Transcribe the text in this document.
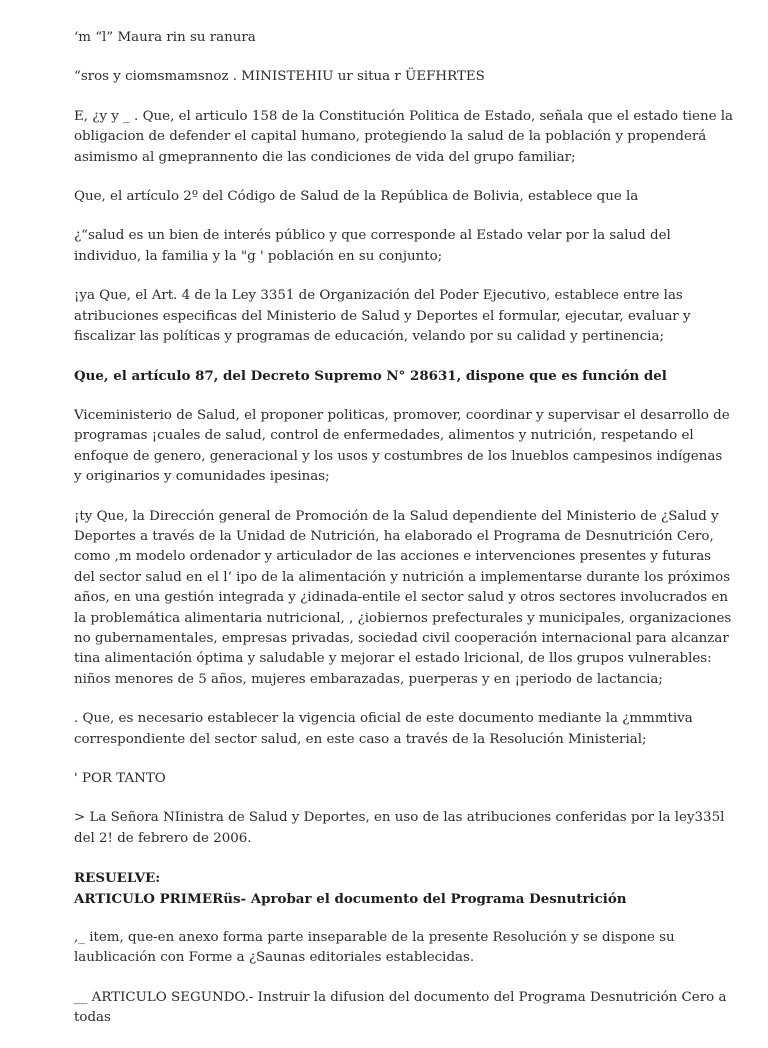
‘m “l” Maura rin su ranura

“sros y ciomsmamsnoz . MINISTEHIU ur situa r ÜEFHRTES

E, ¿y y _ . Que, el articulo 158 de la Constitución Politica de Estado, señala que el estado tiene la obligacion de defender el capital humano, protegiendo la salud de la población y propenderá asimismo al gmeprannento die las condiciones de vida del grupo familiar;

Que, el artículo 2º del Código de Salud de la República de Bolivia, establece que la

¿“salud es un bien de interés público y que corresponde al Estado velar por la salud del individuo, la familia y la "g ' población en su conjunto;

¡ya Que, el Art. 4 de la Ley 3351 de Organización del Poder Ejecutivo, establece entre las atribuciones especificas del Ministerio de Salud y Deportes el formular, ejecutar, evaluar y fiscalizar las políticas y programas de educación, velando por su calidad y pertinencia;

Que, el artículo 87, del Decreto Supremo N° 28631, dispone que es función del

Viceministerio de Salud, el proponer politicas, promover, coordinar y supervisar el desarrollo de programas ¡cuales de salud, control de enfermedades, alimentos y nutrición, respetando el enfoque de genero, generacional y los usos y costumbres de los lnueblos campesinos indígenas y originarios y comunidades ipesinas;

¡ty Que, la Dirección general de Promoción de la Salud dependiente del Ministerio de ¿Salud y Deportes a través de la Unidad de Nutrición, ha elaborado el Programa de Desnutrición Cero, como ,m modelo ordenador y articulador de las acciones e intervenciones presentes y futuras del sector salud en el l‘ ipo de la alimentación y nutrición a implementarse durante los próximos años, en una gestión integrada y ¿idinada-entile el sector salud y otros sectores involucrados en la problemática alimentaria nutricional, , ¿iobiernos prefecturales y municipales, organizaciones no gubernamentales, empresas privadas, sociedad civil cooperación internacional para alcanzar tina alimentación óptima y saludable y mejorar el estado lricional, de llos grupos vulnerables: niños menores de 5 años, mujeres embarazadas, puerperas y en ¡periodo de lactancia;

. Que, es necesario establecer la vigencia oficial de este documento mediante la ¿mmmtiva correspondiente del sector salud, en este caso a través de la Resolución Ministerial;

' POR TANTO

> La Señora NIinistra de Salud y Deportes, en uso de las atribuciones conferidas por la ley335l del 2! de febrero de 2006.

RESUELVE:

ARTICULO PRIMERüs- Aprobar el documento del Programa Desnutrición

,_ item, que-en anexo forma parte inseparable de la presente Resolución y se dispone su laublicación con Forme a ¿Saunas editoriales establecidas.

__ ARTICULO SEGUNDO.- Instruir la difusion del documento del Programa Desnutrición Cero a todas
